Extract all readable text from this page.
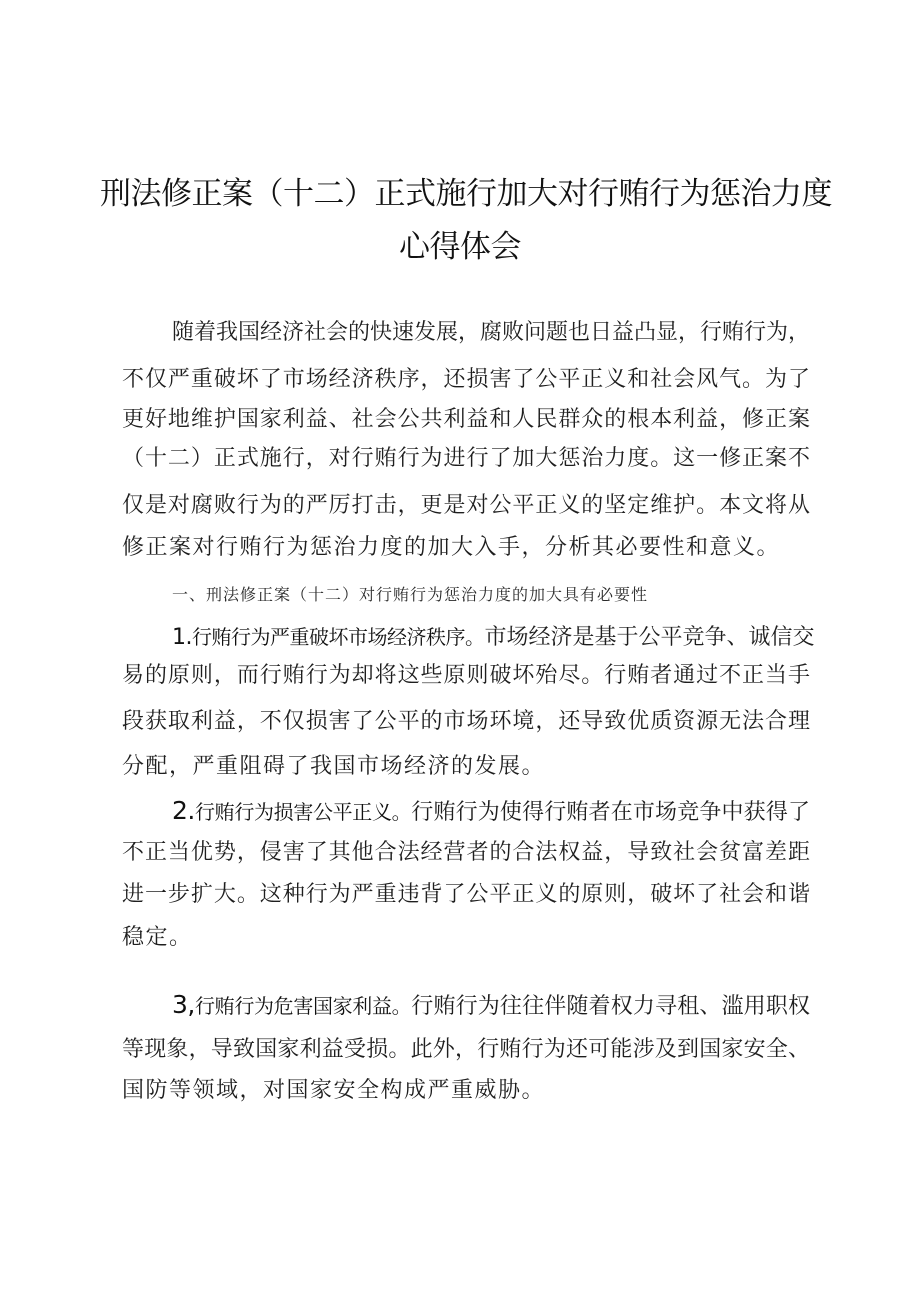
刑法修正案（十二）正式施行加大对行贿行为惩治力度
心得体会
随着我国经济社会的快速发展，腐败问题也日益凸显，行贿行为，
不仅严重破坏了市场经济秩序，还损害了公平正义和社会风气。为了
更好地维护国家利益、社会公共利益和人民群众的根本利益，修正案
（十二）正式施行，对行贿行为进行了加大惩治力度。这一修正案不
仅是对腐败行为的严厉打击，更是对公平正义的坚定维护。本文将从
修正案对行贿行为惩治力度的加大入手，分析其必要性和意义。
一、刑法修正案（十二）对行贿行为惩治力度的加大具有必要性
1.行贿行为严重破坏市场经济秩序。市场经济是基于公平竞争、诚信交
易的原则，而行贿行为却将这些原则破坏殆尽。行贿者通过不正当手
段获取利益，不仅损害了公平的市场环境，还导致优质资源无法合理
分配，严重阻碍了我国市场经济的发展。
2.行贿行为损害公平正义。行贿行为使得行贿者在市场竞争中获得了
不正当优势，侵害了其他合法经营者的合法权益，导致社会贫富差距
进一步扩大。这种行为严重违背了公平正义的原则，破坏了社会和谐
稳定。
3,行贿行为危害国家利益。行贿行为往往伴随着权力寻租、滥用职权
等现象，导致国家利益受损。此外，行贿行为还可能涉及到国家安全、
国防等领域，对国家安全构成严重威胁。
